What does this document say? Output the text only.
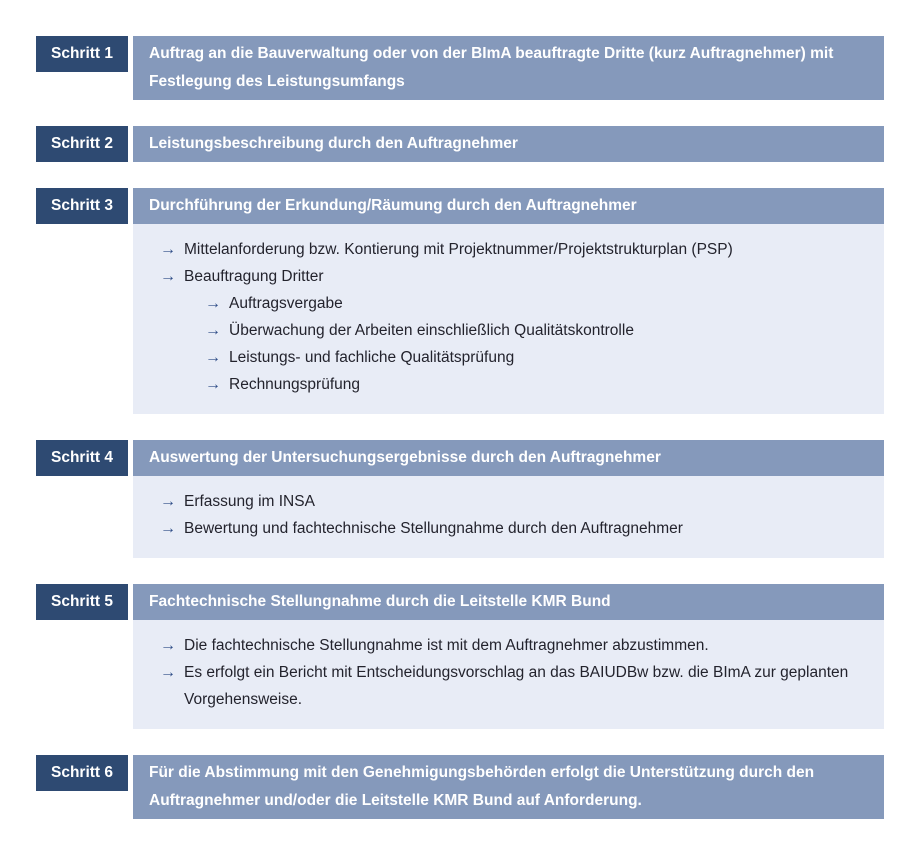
Schritt 1	Auftrag an die Bauverwaltung oder von der BImA beauftragte Dritte (kurz Auftragnehmer) mit Festlegung des Leistungsumfangs
Schritt 2	Leistungsbeschreibung durch den Auftragnehmer
Schritt 3	Durchführung der Erkundung/Räumung durch den Auftragnehmer
→ Mittelanforderung bzw. Kontierung mit Projektnummer/Projektstrukturplan (PSP)
→ Beauftragung Dritter
→ Auftragsvergabe
→ Überwachung der Arbeiten einschließlich Qualitätskontrolle
→ Leistungs- und fachliche Qualitätsprüfung
→ Rechnungsprüfung
Schritt 4	Auswertung der Untersuchungsergebnisse durch den Auftragnehmer
→ Erfassung im INSA
→ Bewertung und fachtechnische Stellungnahme durch den Auftragnehmer
Schritt 5	Fachtechnische Stellungnahme durch die Leitstelle KMR Bund
→ Die fachtechnische Stellungnahme ist mit dem Auftragnehmer abzustimmen.
→ Es erfolgt ein Bericht mit Entscheidungsvorschlag an das BAIUDBw bzw. die BImA zur geplanten Vorgehensweise.
Schritt 6	Für die Abstimmung mit den Genehmigungsbehörden erfolgt die Unterstützung durch den Auftragnehmer und/oder die Leitstelle KMR Bund auf Anforderung.
